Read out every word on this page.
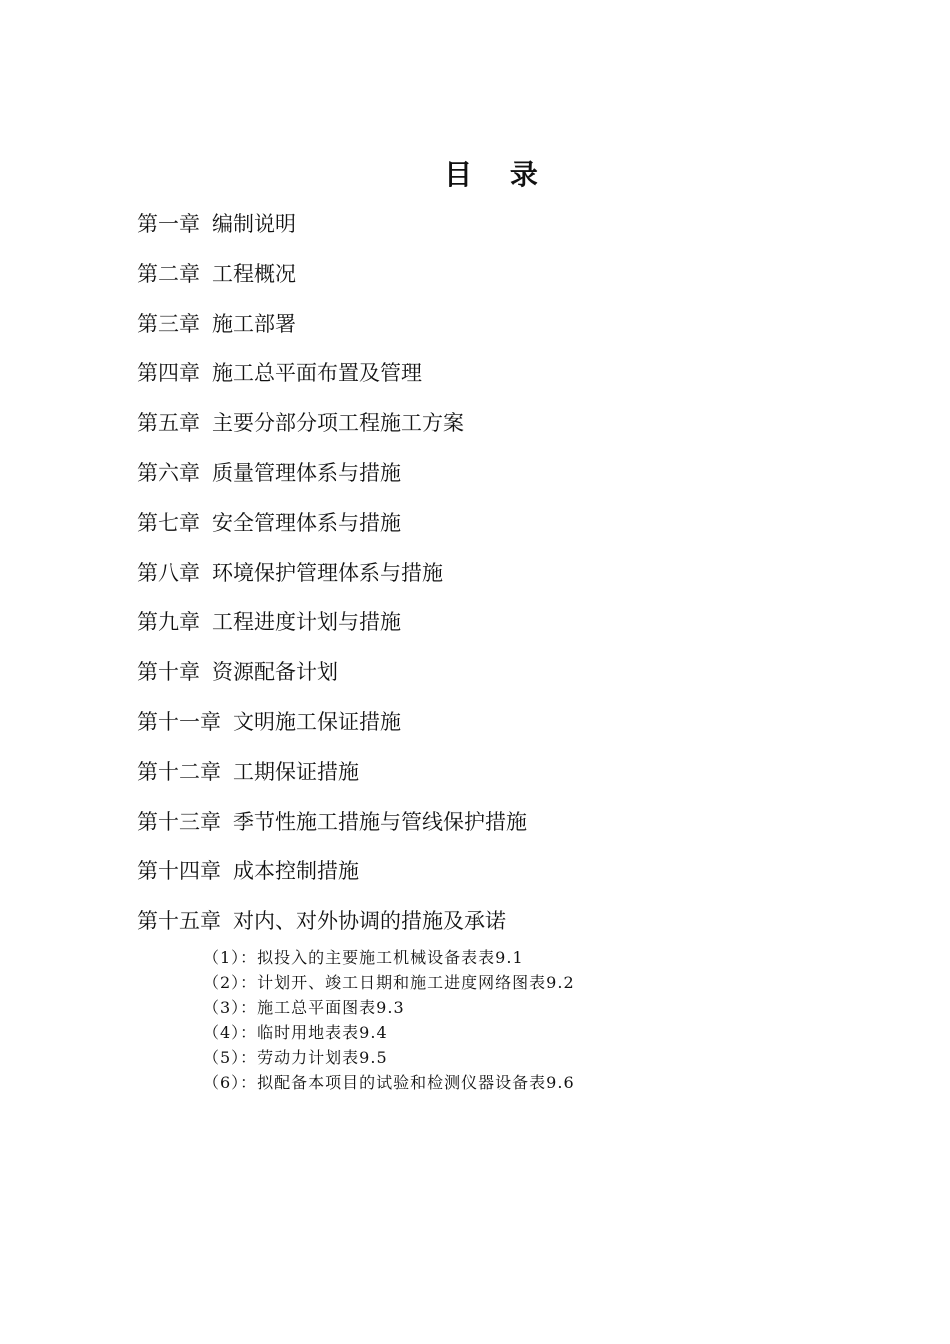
目 录
第一章 编制说明
第二章 工程概况
第三章 施工部署
第四章 施工总平面布置及管理
第五章 主要分部分项工程施工方案
第六章 质量管理体系与措施
第七章 安全管理体系与措施
第八章 环境保护管理体系与措施
第九章 工程进度计划与措施
第十章 资源配备计划
第十一章 文明施工保证措施
第十二章 工期保证措施
第十三章 季节性施工措施与管线保护措施
第十四章 成本控制措施
第十五章 对内、对外协调的措施及承诺
（1）：拟投入的主要施工机械设备表表9.1
（2）：计划开、竣工日期和施工进度网络图表9.2
（3）：施工总平面图表9.3
（4）：临时用地表表9.4
（5）：劳动力计划表9.5
（6）：拟配备本项目的试验和检测仪器设备表9.6
